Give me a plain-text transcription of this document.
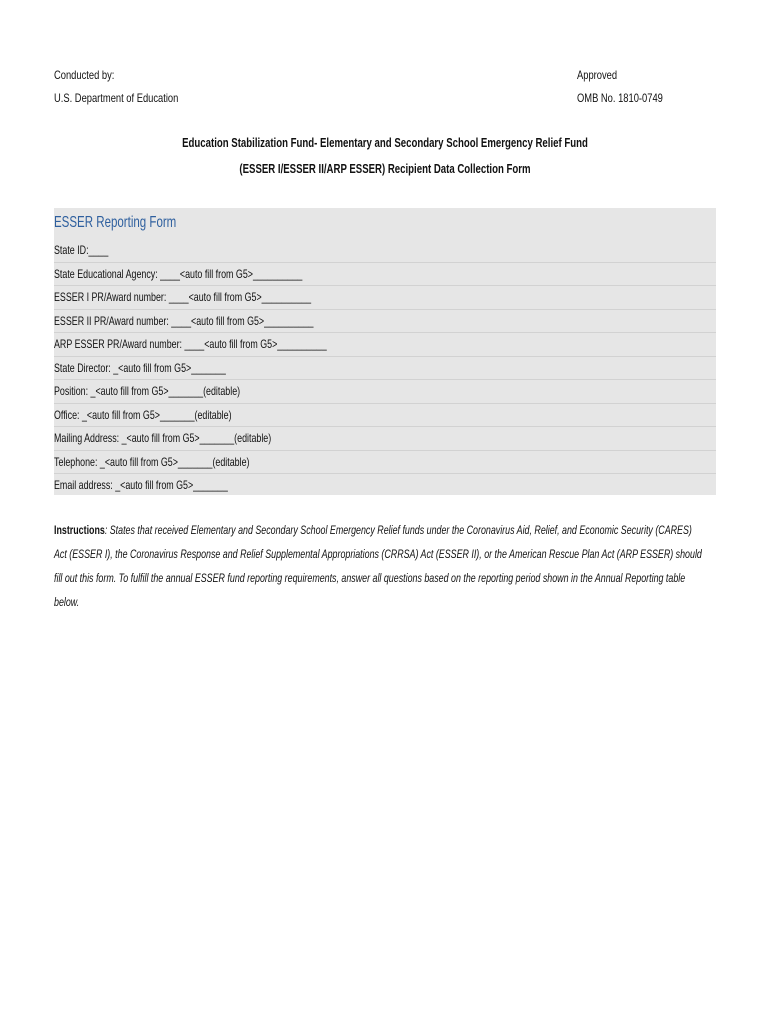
Conducted by:
U.S. Department of Education
Approved
OMB No. 1810-0749
Education Stabilization Fund- Elementary and Secondary School Emergency Relief Fund
(ESSER I/ESSER II/ARP ESSER) Recipient Data Collection Form
ESSER Reporting Form
State ID:____
State Educational Agency: ____<auto fill from G5>__________
ESSER I PR/Award number: ____<auto fill from G5>__________
ESSER II PR/Award number: ____<auto fill from G5>__________
ARP ESSER PR/Award number: ____<auto fill from G5>__________
State Director: _<auto fill from G5>_______
Position: _<auto fill from G5>_______(editable)
Office: _<auto fill from G5>_______(editable)
Mailing Address: _<auto fill from G5>_______(editable)
Telephone: _<auto fill from G5>_______(editable)
Email address: _<auto fill from G5>_______
Instructions: States that received Elementary and Secondary School Emergency Relief funds under the Coronavirus Aid, Relief, and Economic Security (CARES) Act (ESSER I), the Coronavirus Response and Relief Supplemental Appropriations (CRRSA) Act (ESSER II), or the American Rescue Plan Act (ARP ESSER) should fill out this form. To fulfill the annual ESSER fund reporting requirements, answer all questions based on the reporting period shown in the Annual Reporting table below.
